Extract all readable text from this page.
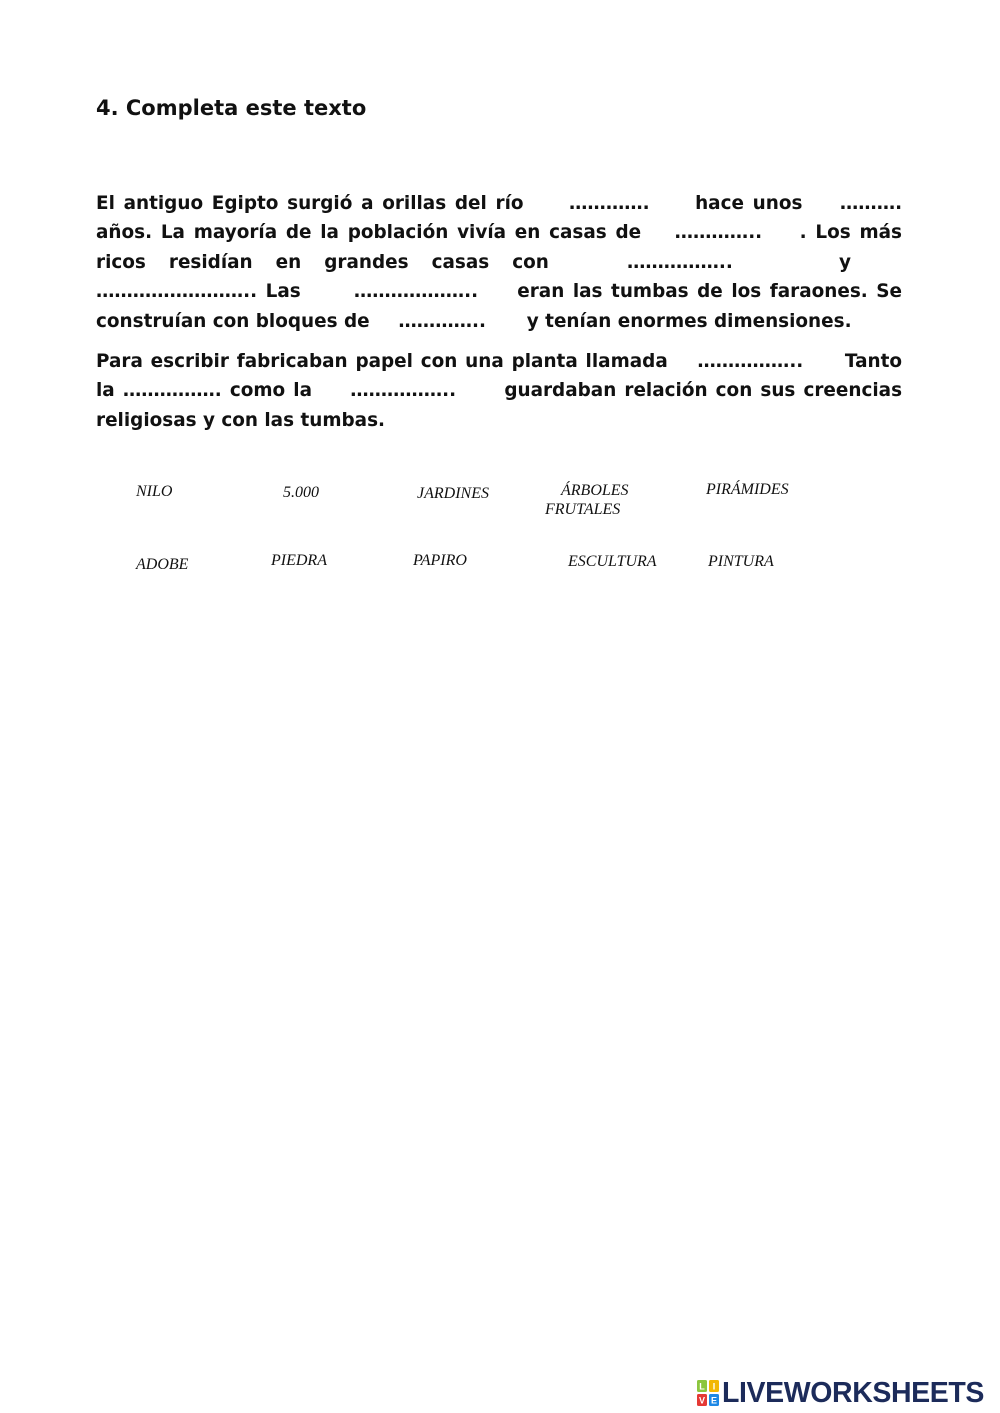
4. Completa este texto

El antiguo Egipto surgió a orillas del río …………. hace unos ………. años. La mayoría de la población vivía en casas de ………….. . Los más ricos residían en grandes casas con	……………..	y  …………………….. Las	……………….. eran las tumbas de los faraones. Se construían con bloques de ………….. y tenían enormes dimensiones.

Para escribir fabricaban papel con una planta llamada …………….. Tanto la ……………. como la ……………..	guardaban relación con sus creencias religiosas y con las tumbas.

NILO	5.000	JARDINES	ÁRBOLES
FRUTALES
PIRÁMIDES
ADOBE	PIEDRA	PAPIRO	ESCULTURA	PINTURA
L I
V E LIVEWORKSHEETS
